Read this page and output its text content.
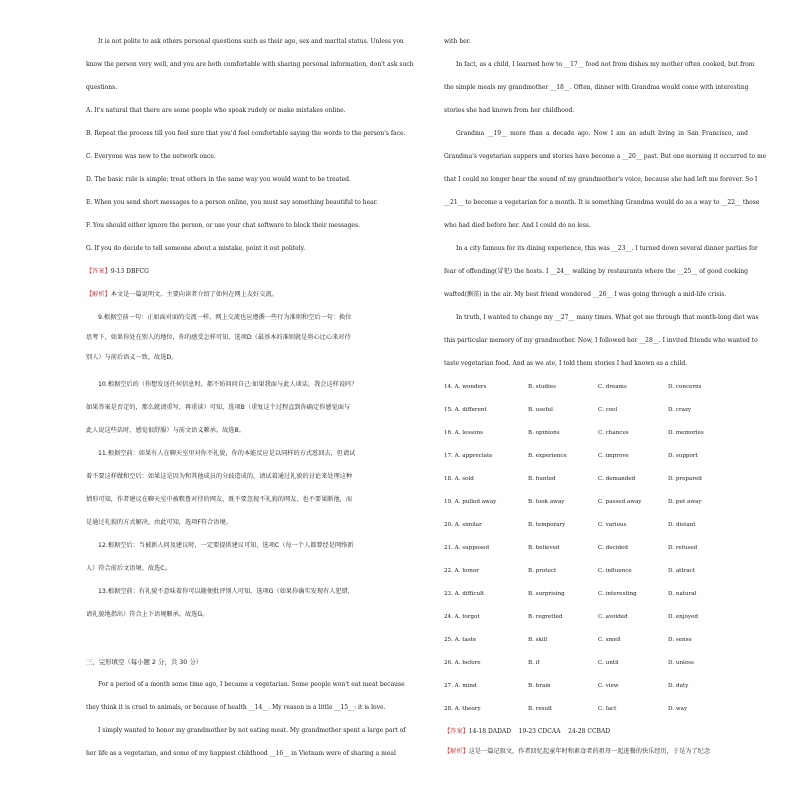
It is not polite to ask others personal questions such as their age, sex and marital status. Unless you
know the person very well, and you are both comfortable with sharing personal information, don't ask such
questions.
A. It's natural that there are some people who speak rudely or make mistakes online.
B. Repeat the process till you feel sure that you'd feel comfortable saying the words to the person's face.
C. Everyone was new to the network once.
D. The basic rule is simple: treat others in the same way you would want to be treated.
E. When you send short messages to a person online, you must say something beautiful to hear.
F. You should either ignore the person, or use your chat software to block their messages.
G. If you do decide to tell someone about a mistake, point it out politely.
【答案】9-13 DBFCG
【解析】本文是一篇说明文。主要向读者介绍了如何在网上友好交流。
9.根据空前一句：正如面对面的交流一样，网上交流也应遵循一些行为准则和空后一句：换位
思考下，如果你处在别人的地位，你的感受怎样可知，选项D（最基本的准则就是将心比心来对待
别人）与前后语义一致。故选D。
10.根据空后的（你想发送任何信息时，都不妨问问自己:如果我面与此人谈话，我会这样说吗？
如果答案是否定的，那么就请重写，再重读）可知，选项B（重复这个过程直到你确定你感觉面与
此人说这些话时，感觉很舒服）与前文语义顺承。故选B。
11.根据空前：如果有人在聊天室里对你不礼貌，你的本能反应是以同样的方式怼回去，但请试
着不要这样做和空后：如果这是因为和其他成员的分歧造成的，请试着通过礼貌的讨论来处理这种
情形可知，作者建议在聊天室中被粗鲁对待的网友，既不要忽视不礼貌的网友，也不要果断他，而
是通过礼貌的方式解决。由此可知，选项F符合语境。
12.根据空后：当被新人问及建议时，一定要提供建议可知，选项C（每一个人都曾经是网络新
人）符合前后文语境。故选C。
13.根据空前：有礼貌不意味着你可以随便批评别人可知，选项G（如果你确实发现有人犯错，
请礼貌地指出）符合上下语境顺承。故选G。
三、完形填空（每小题 2 分，共 30 分）
For a period of a month some time ago, I became a vegetarian. Some people won't eat meat because
they think it is cruel to animals, or because of health __14__. My reason is a little __15__: it is love.
I simply wanted to honor my grandmother by not eating meat. My grandmother spent a large part of
her life as a vegetarian, and some of my happiest childhood __16__ in Vietnam were of sharing a meal
with her.
In fact, as a child, I learned how to __17__ food not from dishes my mother often cooked, but from
the simple meals my grandmother __18__. Often, dinner with Grandma would come with interesting
stories she had known from her childhood.
Grandma __19__ more than a decade ago. Now I am an adult living in San Francisco, and
Grandma's vegetarian suppers and stories have become a __20__ past. But one morning it occurred to me
that I could no longer hear the sound of my grandmother's voice, because she had left me forever. So I
__21__ to become a vegetarian for a month. It is something Grandma would do as a way to __22__ those
who had died before her. And I could do no less.
In a city famous for its dining experience, this was __23__. I turned down several dinner parties for
fear of offending(冒犯) the hosts. I __24__ walking by restaurants where the __25__ of good cooking
wafted(飘荡) in the air. My best friend wondered __26__ I was going through a mid-life crisis.
In truth, I wanted to change my __27__ many times. What got me through that month-long diet was
this particular memory of my grandmother. Now, I followed her __28__. I invited friends who wanted to
taste vegetarian food. And as we ate, I told them stories I had known as a child.
14. A. wonders	B. studies	C. dreams	D. concerns
15. A. different	B. useful	C. cool	D. crazy
16. A. lessons	B. opinions	C. chances	D. memories
17. A. appreciate	B. experience	C. improve	D. support
18. A. sold	B. hunted	C. demanded	D. prepared
19. A. pulled away	B. took away	C. passed away	D. put away
20. A. similar	B. temporary	C. various	D. distant
21. A. supposed	B. believed	C. decided	D. refused
22. A. honor	B. protect	C. influence	D. attract
23. A. difficult	B. surprising	C. interesting	D. natural
24. A. forgot	B. regretted	C. avoided	D. enjoyed
25. A. taste	B. skill	C. smell	D. sense
26. A. before	B. if	C. until	D. unless
27. A. mind	B. brain	C. view	D. duty
28. A. theory	B. result	C. fact	D. way
【答案】14-18 DADAD    19-23 CDCAA    24-28 CCBAD
【解析】这是一篇记叙文，作者回忆起童年时和素食者的祖母一起进餐的快乐经历，于是为了纪念
